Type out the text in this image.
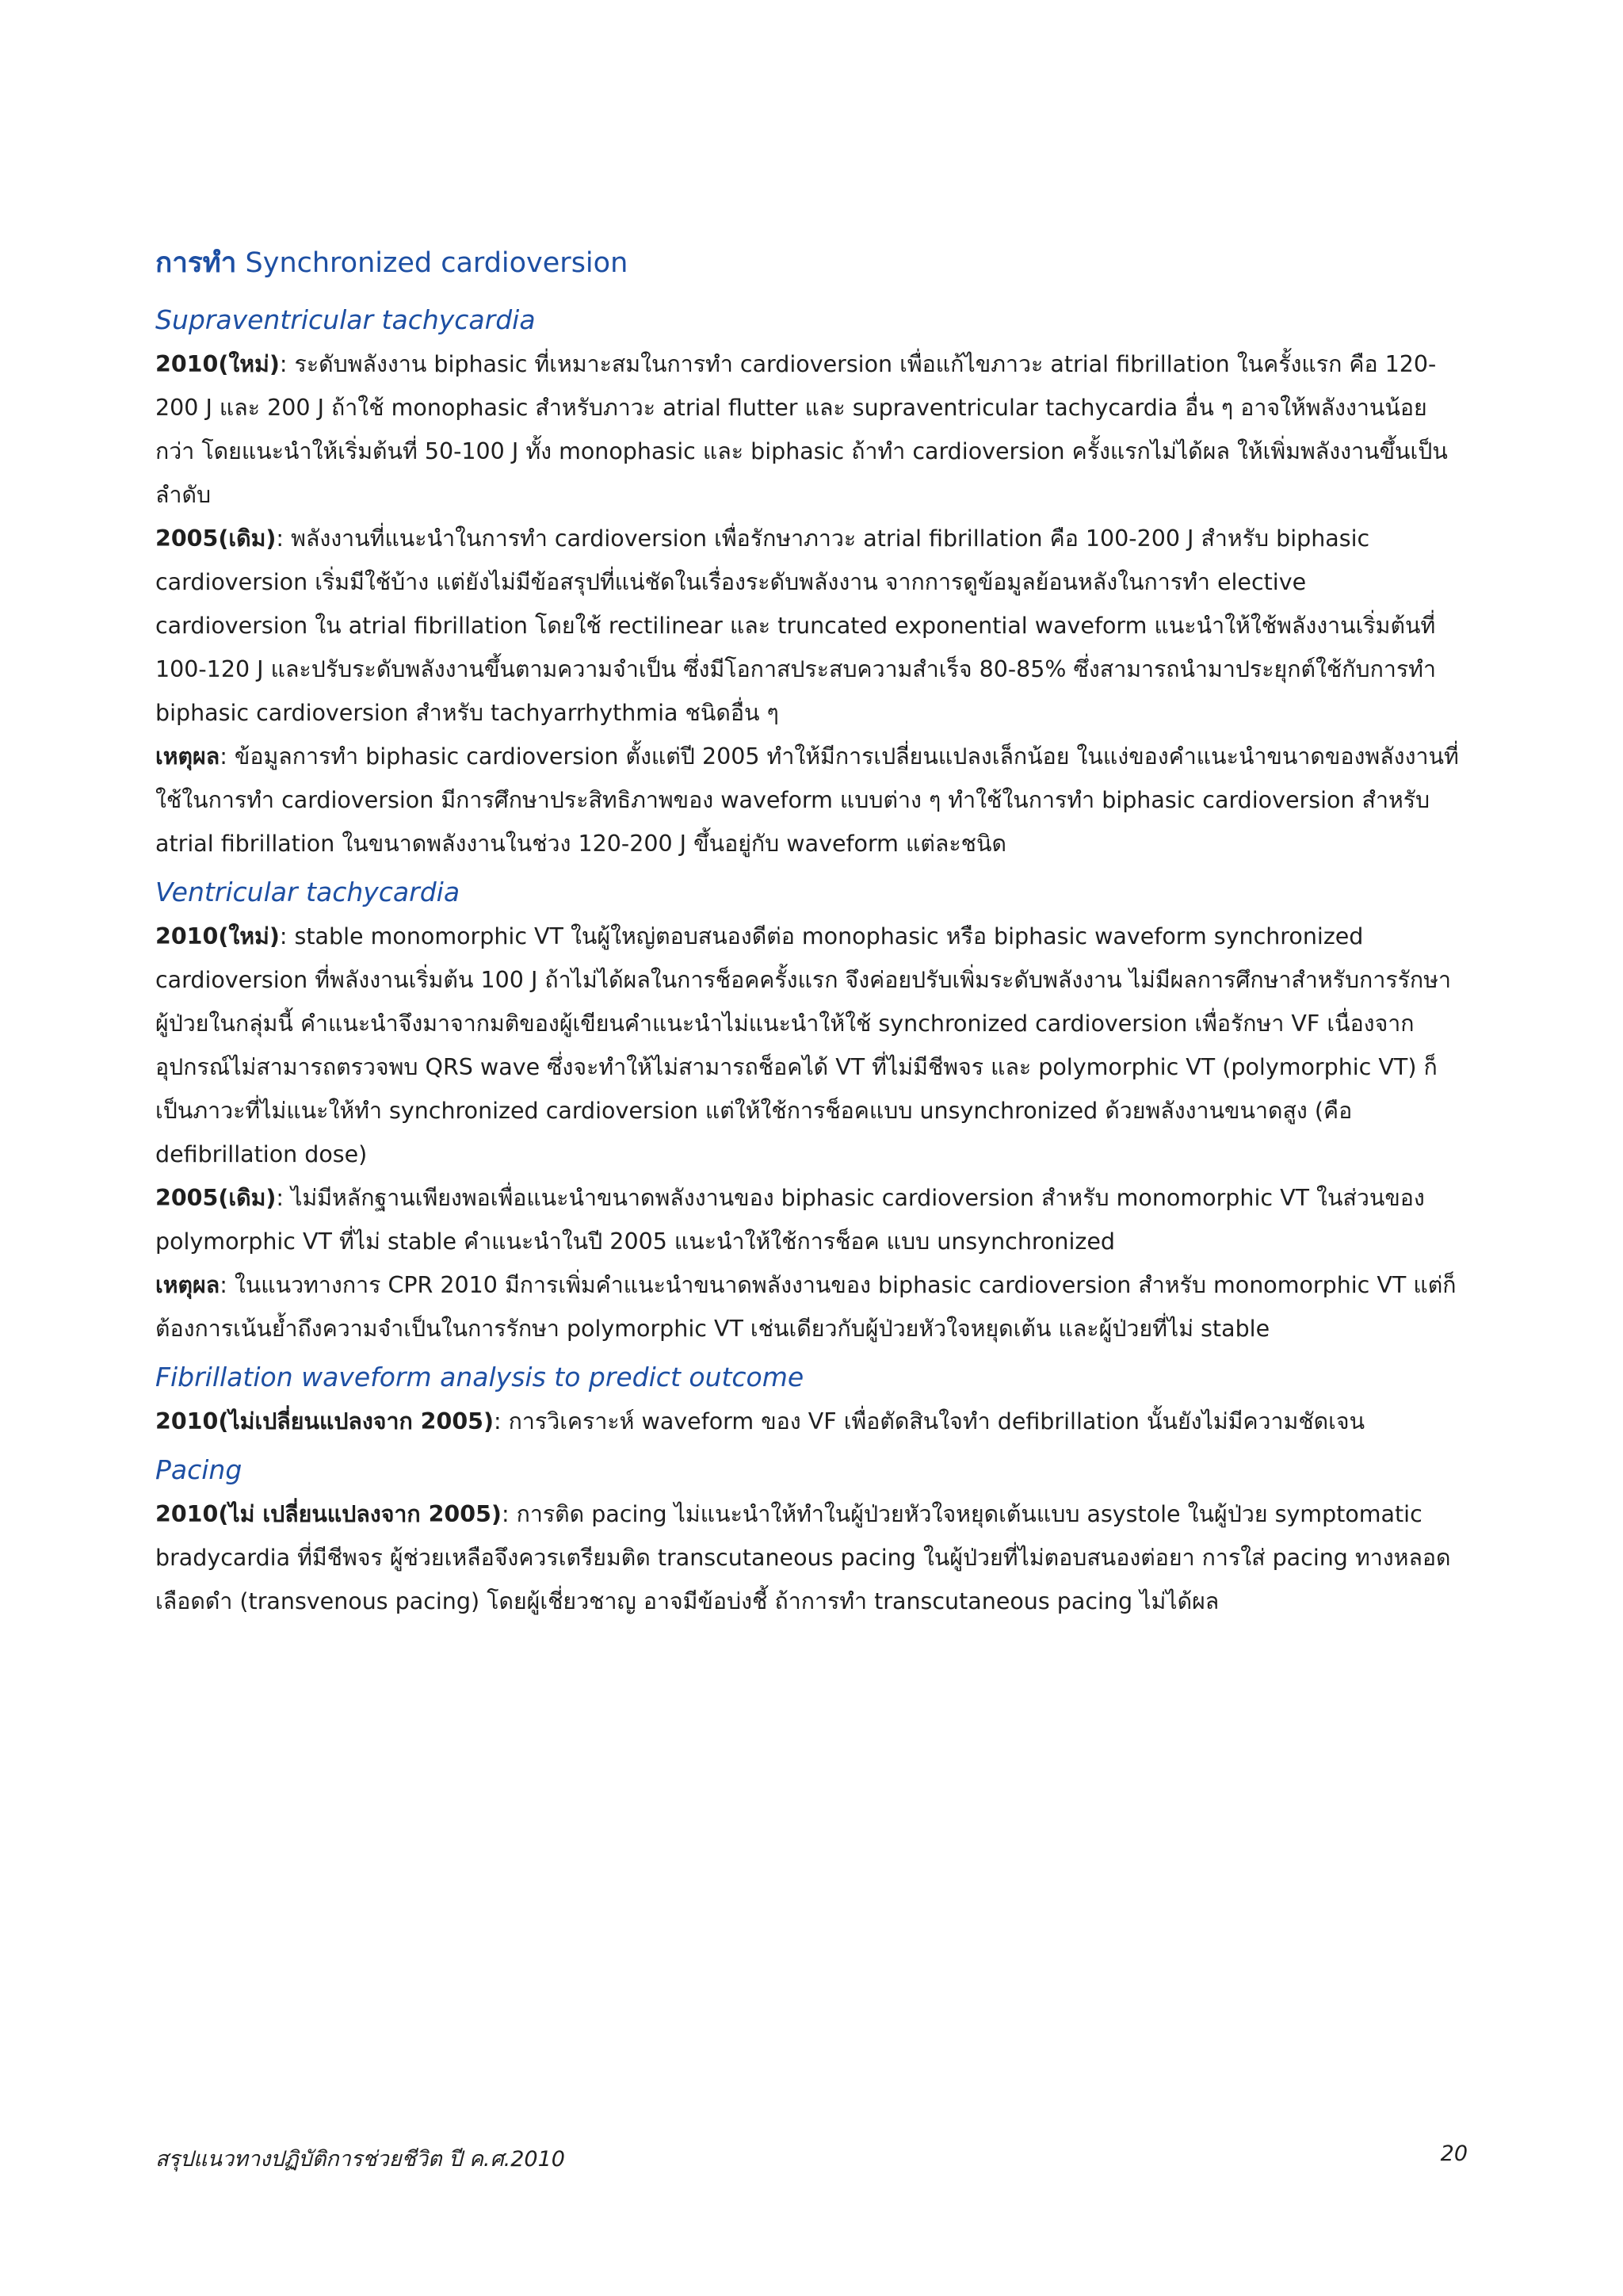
การทำ Synchronized cardioversion
Supraventricular tachycardia

2010(ใหม่): ระดับพลังงาน biphasic ที่เหมาะสมในการทำ cardioversion เพื่อแก้ไขภาวะ atrial fibrillation ในครั้งแรก คือ 120-200 J และ 200 J ถ้าใช้ monophasic สำหรับภาวะ atrial flutter และ supraventricular tachycardia อื่น ๆ อาจให้พลังงานน้อยกว่า โดยแนะนำให้เริ่มต้นที่ 50-100 J ทั้ง monophasic และ biphasic ถ้าทำ cardioversion ครั้งแรกไม่ได้ผล ให้เพิ่มพลังงานขึ้นเป็นลำดับ

2005(เดิม): พลังงานที่แนะนำในการทำ cardioversion เพื่อรักษาภาวะ atrial fibrillation คือ 100-200 J สำหรับ biphasic cardioversion เริ่มมีใช้บ้าง แต่ยังไม่มีข้อสรุปที่แน่ชัดในเรื่องระดับพลังงาน จากการดูข้อมูลย้อนหลังในการทำ elective cardioversion ใน atrial fibrillation โดยใช้ rectilinear และ truncated exponential waveform แนะนำให้ใช้พลังงานเริ่มต้นที่ 100-120 J และปรับระดับพลังงานขึ้นตามความจำเป็น ซึ่งมีโอกาสประสบความสำเร็จ 80-85% ซึ่งสามารถนำมาประยุกต์ใช้กับการทำ biphasic cardioversion สำหรับ tachyarrhythmia ชนิดอื่น ๆ

เหตุผล: ข้อมูลการทำ biphasic cardioversion ตั้งแต่ปี 2005 ทำให้มีการเปลี่ยนแปลงเล็กน้อย ในแง่ของคำแนะนำขนาดของพลังงานที่ใช้ในการทำ cardioversion มีการศึกษาประสิทธิภาพของ waveform แบบต่าง ๆ ทำใช้ในการทำ biphasic cardioversion สำหรับ atrial fibrillation ในขนาดพลังงานในช่วง 120-200 J ขึ้นอยู่กับ waveform แต่ละชนิด

Ventricular tachycardia

2010(ใหม่): stable monomorphic VT ในผู้ใหญ่ตอบสนองดีต่อ monophasic หรือ biphasic waveform synchronized cardioversion ที่พลังงานเริ่มต้น 100 J ถ้าไม่ได้ผลในการช็อคครั้งแรก จึงค่อยปรับเพิ่มระดับพลังงาน ไม่มีผลการศึกษาสำหรับการรักษาผู้ป่วยในกลุ่มนี้ คำแนะนำจึงมาจากมติของผู้เขียนคำแนะนำไม่แนะนำให้ใช้ synchronized cardioversion เพื่อรักษา VF เนื่องจากอุปกรณ์ไม่สามารถตรวจพบ QRS wave ซึ่งจะทำให้ไม่สามารถช็อคได้ VT ที่ไม่มีชีพจร และ polymorphic VT (polymorphic VT) ก็เป็นภาวะที่ไม่แนะให้ทำ synchronized cardioversion แต่ให้ใช้การช็อคแบบ unsynchronized ด้วยพลังงานขนาดสูง (คือ defibrillation dose)

2005(เดิม): ไม่มีหลักฐานเพียงพอเพื่อแนะนำขนาดพลังงานของ biphasic cardioversion สำหรับ monomorphic VT ในส่วนของ polymorphic VT ที่ไม่ stable คำแนะนำในปี 2005 แนะนำให้ใช้การช็อค แบบ unsynchronized

เหตุผล: ในแนวทางการ CPR 2010 มีการเพิ่มคำแนะนำขนาดพลังงานของ biphasic cardioversion สำหรับ monomorphic VT แต่ก็ต้องการเน้นย้ำถึงความจำเป็นในการรักษา polymorphic VT เช่นเดียวกับผู้ป่วยหัวใจหยุดเต้น และผู้ป่วยที่ไม่ stable

Fibrillation waveform analysis to predict outcome

2010(ไม่เปลี่ยนแปลงจาก 2005): การวิเคราะห์ waveform ของ VF เพื่อตัดสินใจทำ defibrillation นั้นยังไม่มีความชัดเจน

Pacing

2010(ไม่ เปลี่ยนแปลงจาก 2005): การติด pacing ไม่แนะนำให้ทำในผู้ป่วยหัวใจหยุดเต้นแบบ asystole ในผู้ป่วย symptomatic bradycardia ที่มีชีพจร ผู้ช่วยเหลือจึงควรเตรียมติด transcutaneous pacing ในผู้ป่วยที่ไม่ตอบสนองต่อยา การใส่ pacing ทางหลอดเลือดดำ (transvenous pacing) โดยผู้เชี่ยวชาญ อาจมีข้อบ่งชี้ ถ้าการทำ transcutaneous pacing ไม่ได้ผล

สรุปแนวทางปฏิบัติการช่วยชีวิต ปี ค.ศ.2010	20
